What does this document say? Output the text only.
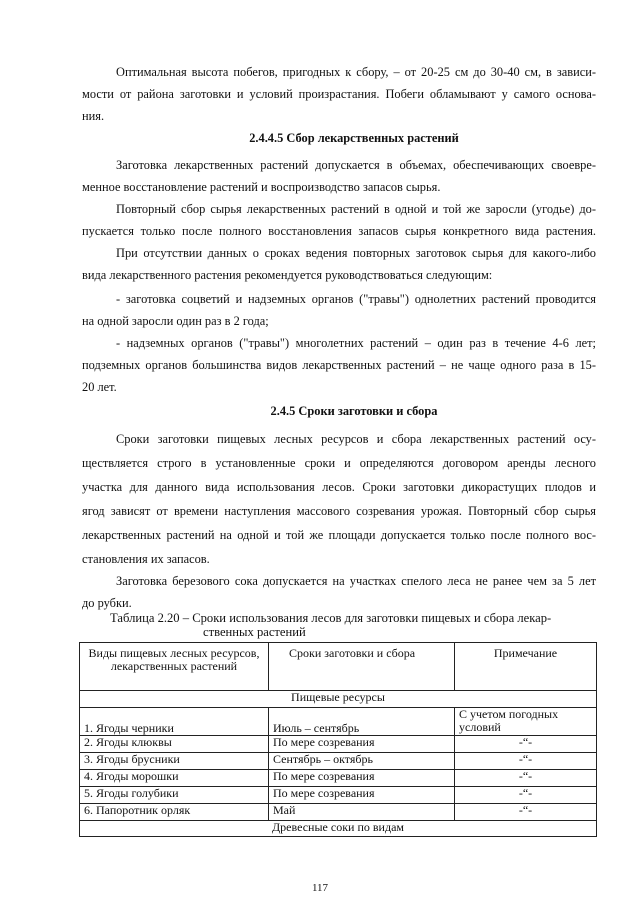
Оптимальная высота побегов, пригодных к сбору, – от 20-25 см до 30-40 см, в зависи-
мости от района заготовки и условий произрастания. Побеги обламывают у самого основа-
ния.
2.4.4.5 Сбор лекарственных растений
Заготовка лекарственных растений допускается в объемах, обеспечивающих своевре-
менное восстановление растений и воспроизводство запасов сырья.
Повторный сбор сырья лекарственных растений в одной и той же заросли (угодье) до-
пускается только после полного восстановления запасов сырья конкретного вида растения.
При отсутствии данных о сроках ведения повторных заготовок сырья для какого-либо
вида лекарственного растения рекомендуется руководствоваться следующим:
- заготовка соцветий и надземных органов ("травы") однолетних растений проводится
на одной заросли один раз в 2 года;
- надземных органов ("травы") многолетних растений – один раз в течение 4-6 лет;
подземных органов большинства видов лекарственных растений – не чаще одного раза в 15-
20 лет.
2.4.5 Сроки заготовки и сбора
Сроки заготовки пищевых лесных ресурсов и сбора лекарственных растений осу-
ществляется строго в установленные сроки и определяются договором аренды лесного
участка для данного вида использования лесов. Сроки заготовки дикорастущих плодов и
ягод зависят от времени наступления массового созревания урожая. Повторный сбор сырья
лекарственных растений на одной и той же площади допускается только после полного вос-
становления их запасов.
Заготовка березового сока допускается на участках спелого леса не ранее чем за 5 лет
до рубки.
Таблица 2.20 – Сроки использования лесов для заготовки пищевых и сбора лекар-
ственных растений
Виды пищевых лесных ресурсов, лекарственных растений	Сроки заготовки и сбора	Примечание
Пищевые ресурсы		
1. Ягоды черники	Июль – сентябрь	С учетом погодных условий
2. Ягоды клюквы	По мере созревания	-“-
3. Ягоды брусники	Сентябрь – октябрь	-“-
4. Ягоды морошки	По мере созревания	-“-
5. Ягоды голубики	По мере созревания	-“-
6. Папоротник орляк	Май	-“-
Древесные соки по видам		
117
